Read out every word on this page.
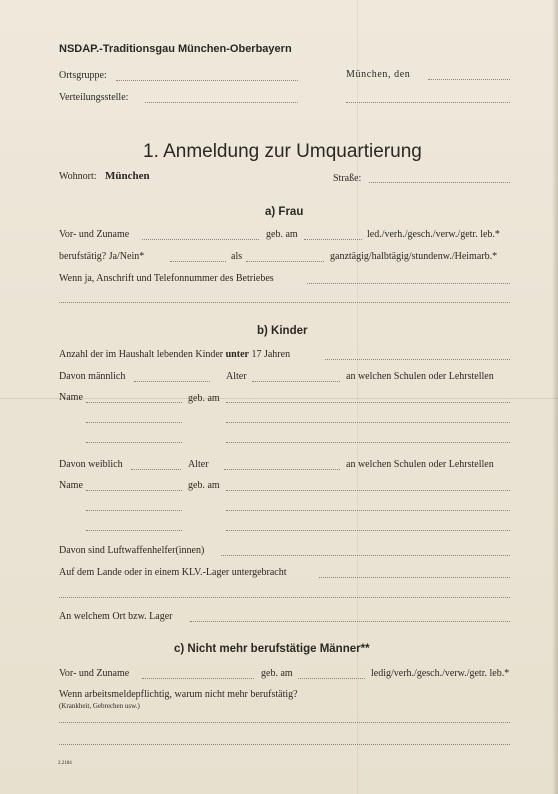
NSDAP.-Traditionsgau München-Oberbayern
Ortsgruppe:	München, den
Verteilungsstelle:
1. Anmeldung zur Umquartierung
Wohnort: München	Straße:
a) Frau
Vor- und Zuname	geb. am	led./verh./gesch./verw./getr. leb.*
berufstätig? Ja/Nein*	als	ganztägig/halbtägig/stundenw./Heimarb.*
Wenn ja, Anschrift und Telefonnummer des Betriebes
b) Kinder
Anzahl der im Haushalt lebenden Kinder unter 17 Jahren
Davon männlich	Alter	an welchen Schulen oder Lehrstellen
Name	geb. am
Davon weiblich	Alter	an welchen Schulen oder Lehrstellen
Name	geb. am
Davon sind Luftwaffenhelfer(innen)
Auf dem Lande oder in einem KLV.-Lager untergebracht
An welchem Ort bzw. Lager
c) Nicht mehr berufstätige Männer**
Vor- und Zuname	geb. am	ledig/verh./gesch./verw./getr. leb.*
Wenn arbeitsmeldepflichtig, warum nicht mehr berufstätig?
(Krankheit, Gebrechen usw.)
2.2184
